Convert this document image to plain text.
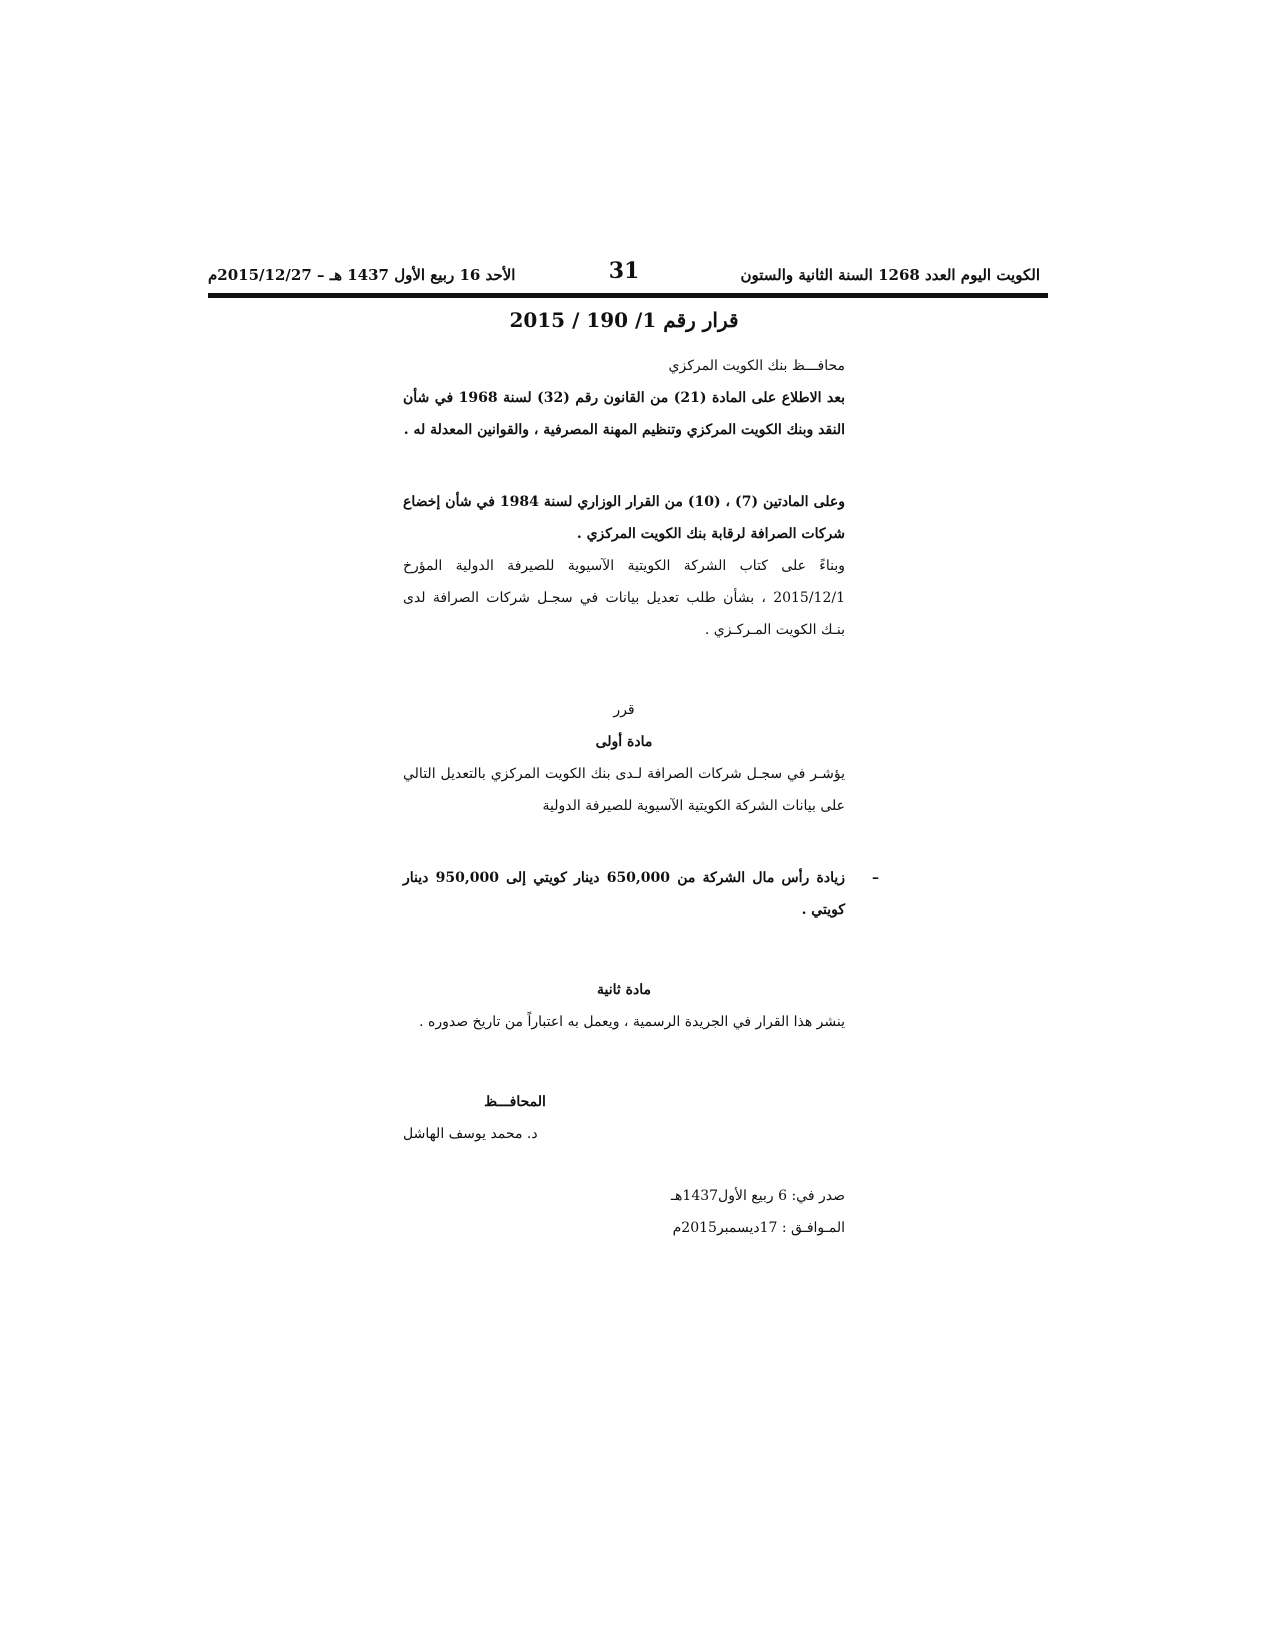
الكويت اليوم العدد 1268 السنة الثانية والستون
31
الأحد 16 ربيع الأول 1437 هـ – 2015/12/27م

قرار رقم 1/ 190 / 2015

محافـــظ بنك الكويت المركزي

بعد الاطلاع على المادة (21) من القانون رقم (32) لسنة 1968 في شأن النقد وبنك الكويت المركزي وتنظيم المهنة المصرفية ، والقوانين المعدلة له .

وعلى المادتين (7) ، (10) من القرار الوزاري لسنة 1984 في شأن إخضاع شركات الصرافة لرقابة بنك الكويت المركزي .

وبناءً على كتاب الشركة الكويتية الآسيوية للصيرفة الدولية المؤرخ 2015/12/1 ، بشأن طلب تعديل بيانات في سجـل شركات الصرافة لدى بنـك الكويت المـركـزي .

قرر

مادة أولى

يؤشـر في سجـل شركات الصرافة لـدى بنك الكويت المركزي بالتعديل التالي على بيانات الشركة الكويتية الآسيوية للصيرفة الدولية

–

زيادة رأس مال الشركة من 650,000 دينار كويتي إلى 950,000 دينار كويتي .

مادة ثانية

ينشر هذا القرار في الجريدة الرسمية ، ويعمل به اعتباراً من تاريخ صدوره .

المحافـــظ

د. محمد يوسف الهاشل

صدر في: 6 ربيع الأول1437هـ

المـوافـق : 17ديسمبر2015م
